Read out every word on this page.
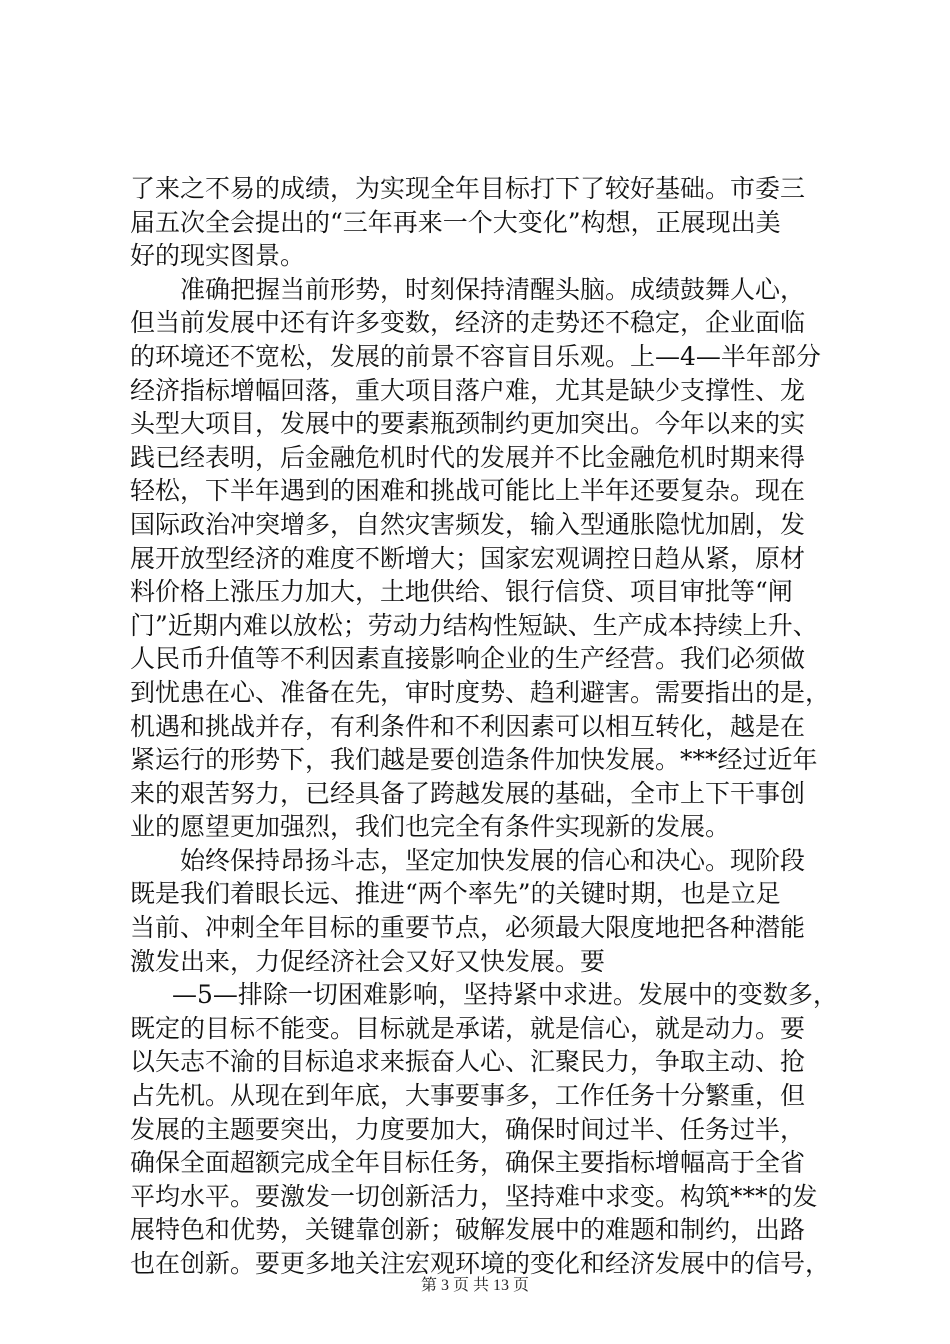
了来之不易的成绩，为实现全年目标打下了较好基础。市委三
届五次全会提出的“三年再来一个大变化”构想，正展现出美
好的现实图景。
准确把握当前形势，时刻保持清醒头脑。成绩鼓舞人心，
但当前发展中还有许多变数，经济的走势还不稳定，企业面临
的环境还不宽松，发展的前景不容盲目乐观。上—4—半年部分
经济指标增幅回落，重大项目落户难，尤其是缺少支撑性、龙
头型大项目，发展中的要素瓶颈制约更加突出。今年以来的实
践已经表明，后金融危机时代的发展并不比金融危机时期来得
轻松，下半年遇到的困难和挑战可能比上半年还要复杂。现在
国际政治冲突增多，自然灾害频发，输入型通胀隐忧加剧，发
展开放型经济的难度不断增大；国家宏观调控日趋从紧，原材
料价格上涨压力加大，土地供给、银行信贷、项目审批等“闸
门”近期内难以放松；劳动力结构性短缺、生产成本持续上升、
人民币升值等不利因素直接影响企业的生产经营。我们必须做
到忧患在心、准备在先，审时度势、趋利避害。需要指出的是，
机遇和挑战并存，有利条件和不利因素可以相互转化，越是在
紧运行的形势下，我们越是要创造条件加快发展。***经过近年
来的艰苦努力，已经具备了跨越发展的基础，全市上下干事创
业的愿望更加强烈，我们也完全有条件实现新的发展。
始终保持昂扬斗志，坚定加快发展的信心和决心。现阶段
既是我们着眼长远、推进“两个率先”的关键时期，也是立足
当前、冲刺全年目标的重要节点，必须最大限度地把各种潜能
激发出来，力促经济社会又好又快发展。要
—5—排除一切困难影响，坚持紧中求进。发展中的变数多，
既定的目标不能变。目标就是承诺，就是信心，就是动力。要
以矢志不渝的目标追求来振奋人心、汇聚民力，争取主动、抢
占先机。从现在到年底，大事要事多，工作任务十分繁重，但
发展的主题要突出，力度要加大，确保时间过半、任务过半，
确保全面超额完成全年目标任务，确保主要指标增幅高于全省
平均水平。要激发一切创新活力，坚持难中求变。构筑***的发
展特色和优势，关键靠创新；破解发展中的难题和制约，出路
也在创新。要更多地关注宏观环境的变化和经济发展中的信号，
第 3 页 共 13 页
